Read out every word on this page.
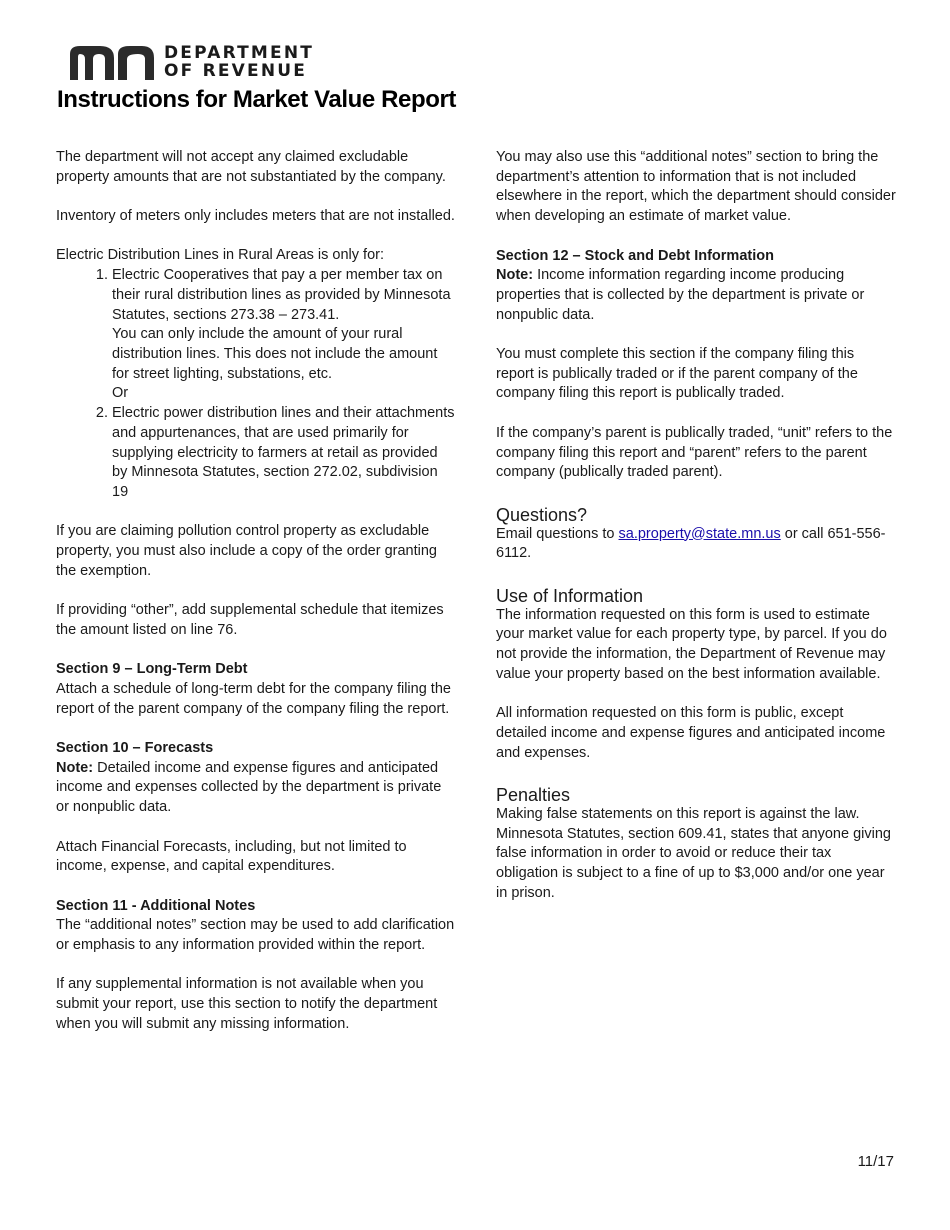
DEPARTMENT
OF REVENUE
Instructions for Market Value Report

The department will not accept any claimed excludable property amounts that are not substantiated by the company.

Inventory of meters only includes meters that are not installed.

Electric Distribution Lines in Rural Areas is only for:

1. Electric Cooperatives that pay a per member tax on their rural distribution lines as provided by Minnesota Statutes, sections 273.38 – 273.41.
You can only include the amount of your rural distribution lines. This does not include the amount for street lighting, substations, etc.
Or
2. Electric power distribution lines and their attachments and appurtenances, that are used primarily for supplying electricity to farmers at retail as provided by Minnesota Statutes, section 272.02, subdivision 19

If you are claiming pollution control property as excludable property, you must also include a copy of the order granting the exemption.

If providing “other”, add supplemental schedule that itemizes the amount listed on line 76.

Section 9 – Long-Term Debt

Attach a schedule of long-term debt for the company filing the report of the parent company of the company filing the report.

Section 10 – Forecasts

Note: Detailed income and expense figures and anticipated income and expenses collected by the department is private or nonpublic data.

Attach Financial Forecasts, including, but not limited to income, expense, and capital expenditures.

Section 11 - Additional Notes

The “additional notes” section may be used to add clarification or emphasis to any information provided within the report.

If any supplemental information is not available when you submit your report, use this section to notify the department when you will submit any missing information.

You may also use this “additional notes” section to bring the department’s attention to information that is not included elsewhere in the report, which the department should consider when developing an estimate of market value.

Section 12 – Stock and Debt Information

Note: Income information regarding income producing properties that is collected by the department is private or nonpublic data.

You must complete this section if the company filing this report is publically traded or if the parent company of the company filing this report is publically traded.

If the company’s parent is publically traded, “unit” refers to the company filing this report and “parent” refers to the parent company (publically traded parent).

Questions?

Email questions to sa.property@state.mn.us or call 651-556-6112.

Use of Information

The information requested on this form is used to estimate your market value for each property type, by parcel. If you do not provide the information, the Department of Revenue may value your property based on the best information available.

All information requested on this form is public, except detailed income and expense figures and anticipated income and expenses.

Penalties

Making false statements on this report is against the law. Minnesota Statutes, section 609.41, states that anyone giving false information in order to avoid or reduce their tax obligation is subject to a fine of up to $3,000 and/or one year in prison.

11/17
